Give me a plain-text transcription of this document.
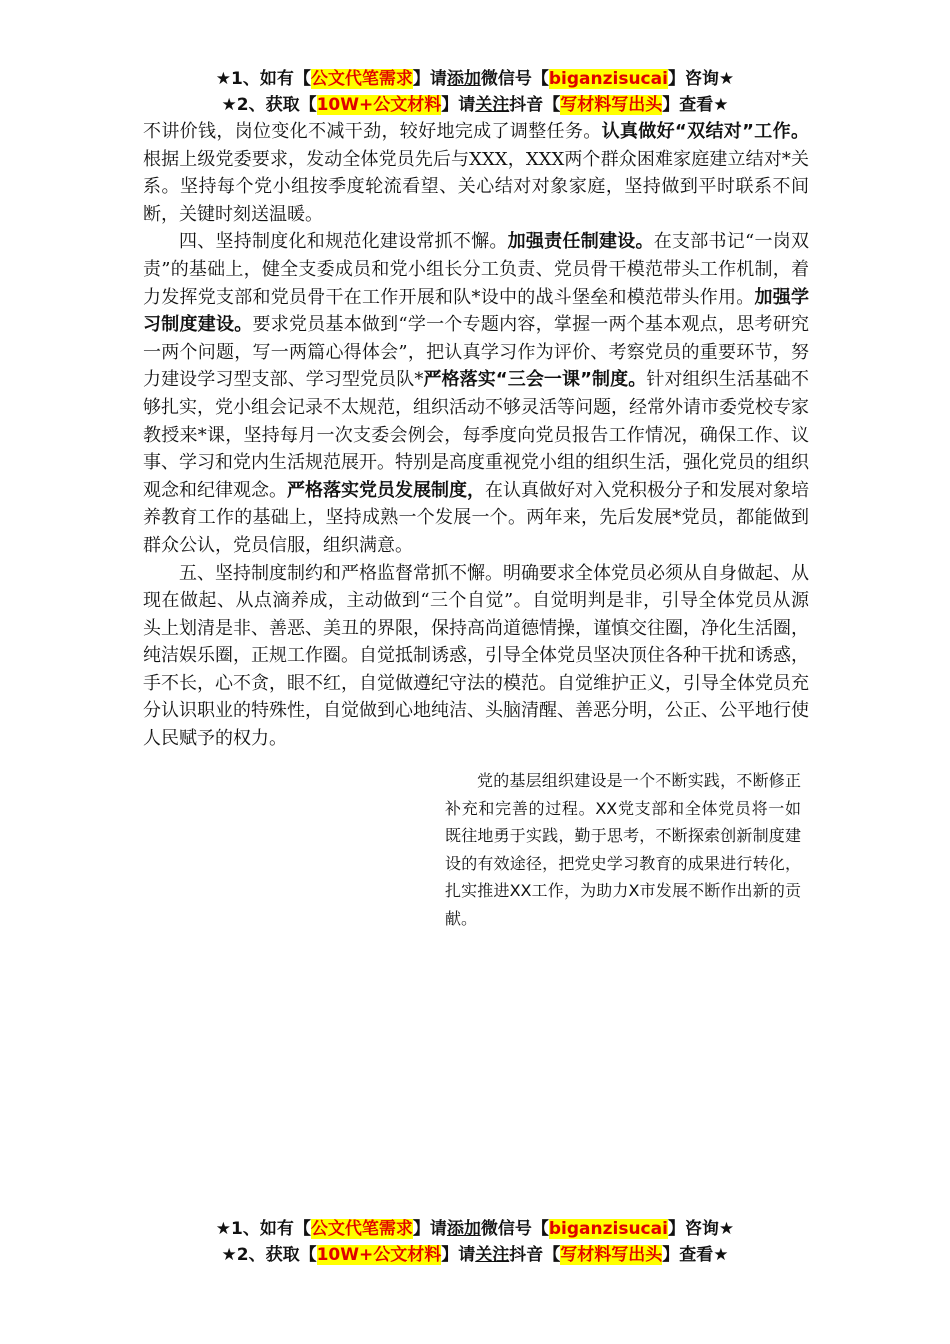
★1、如有【公文代笔需求】请添加微信号【biganzisucai】咨询★
★2、获取【10W+公文材料】请关注抖音【写材料写出头】查看★

不讲价钱，岗位变化不减干劲，较好地完成了调整任务。认真做好“双结对”工作。根据上级党委要求，发动全体党员先后与XXX，XXX两个群众困难家庭建立结对*关系。坚持每个党小组按季度轮流看望、关心结对对象家庭，坚持做到平时联系不间断，关键时刻送温暖。

四、坚持制度化和规范化建设常抓不懈。加强责任制建设。在支部书记“一岗双责”的基础上，健全支委成员和党小组长分工负责、党员骨干模范带头工作机制，着力发挥党支部和党员骨干在工作开展和队*设中的战斗堡垒和模范带头作用。加强学习制度建设。要求党员基本做到“学一个专题内容，掌握一两个基本观点，思考研究一两个问题，写一两篇心得体会”，把认真学习作为评价、考察党员的重要环节，努力建设学习型支部、学习型党员队*严格落实“三会一课”制度。针对组织生活基础不够扎实，党小组会记录不太规范，组织活动不够灵活等问题，经常外请市委党校专家教授来*课，坚持每月一次支委会例会，每季度向党员报告工作情况，确保工作、议事、学习和党内生活规范展开。特别是高度重视党小组的组织生活，强化党员的组织观念和纪律观念。严格落实党员发展制度，在认真做好对入党积极分子和发展对象培养教育工作的基础上，坚持成熟一个发展一个。两年来，先后发展*党员，都能做到群众公认，党员信服，组织满意。

五、坚持制度制约和严格监督常抓不懈。明确要求全体党员必须从自身做起、从现在做起、从点滴养成，主动做到“三个自觉”。自觉明判是非，引导全体党员从源头上划清是非、善恶、美丑的界限，保持高尚道德情操，谨慎交往圈，净化生活圈，纯洁娱乐圈，正规工作圈。自觉抵制诱惑，引导全体党员坚决顶住各种干扰和诱惑，手不长，心不贪，眼不红，自觉做遵纪守法的模范。自觉维护正义，引导全体党员充分认识职业的特殊性，自觉做到心地纯洁、头脑清醒、善恶分明，公正、公平地行使人民赋予的权力。

党的基层组织建设是一个不断实践，不断修正补充和完善的过程。XX党支部和全体党员将一如既往地勇于实践，勤于思考，不断探索创新制度建设的有效途径，把党史学习教育的成果进行转化，扎实推进XX工作，为助力X市发展不断作出新的贡献。
★1、如有【公文代笔需求】请添加微信号【biganzisucai】咨询★
★2、获取【10W+公文材料】请关注抖音【写材料写出头】查看★
